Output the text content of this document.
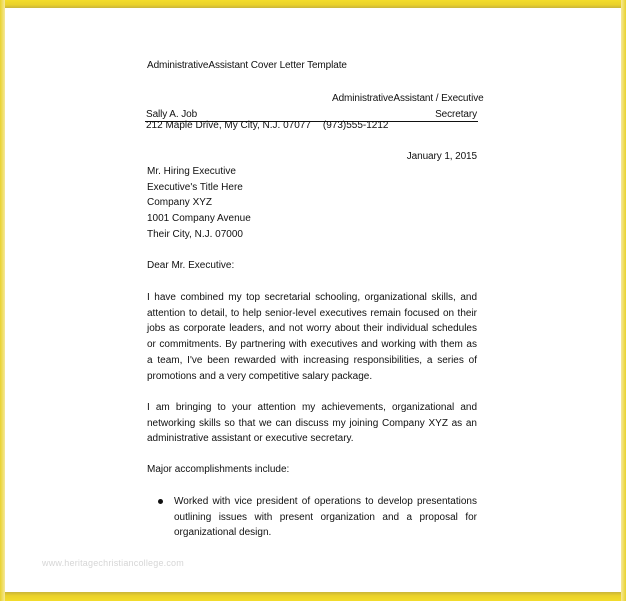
AdministrativeAssistant Cover Letter Template
AdministrativeAssistant / Executive
Sally A. Job	Secretary
212 Maple Drive, My City, N.J. 07077 (973)555-1212
January 1, 2015
Mr. Hiring Executive
Executive's Title Here
Company XYZ
1001 Company Avenue
Their City, N.J. 07000
Dear Mr. Executive:
I have combined my top secretarial schooling, organizational skills, and attention to detail, to help senior-level executives remain focused on their jobs as corporate leaders, and not worry about their individual schedules or commitments. By partnering with executives and working with them as a team, I've been rewarded with increasing responsibilities, a series of promotions and a very competitive salary package.
I am bringing to your attention my achievements, organizational and networking skills so that we can discuss my joining Company XYZ as an administrative assistant or executive secretary.
Major accomplishments include:
Worked with vice president of operations to develop presentations outlining issues with present organization and a proposal for organizational design.
www.heritagechristiancollege.com
